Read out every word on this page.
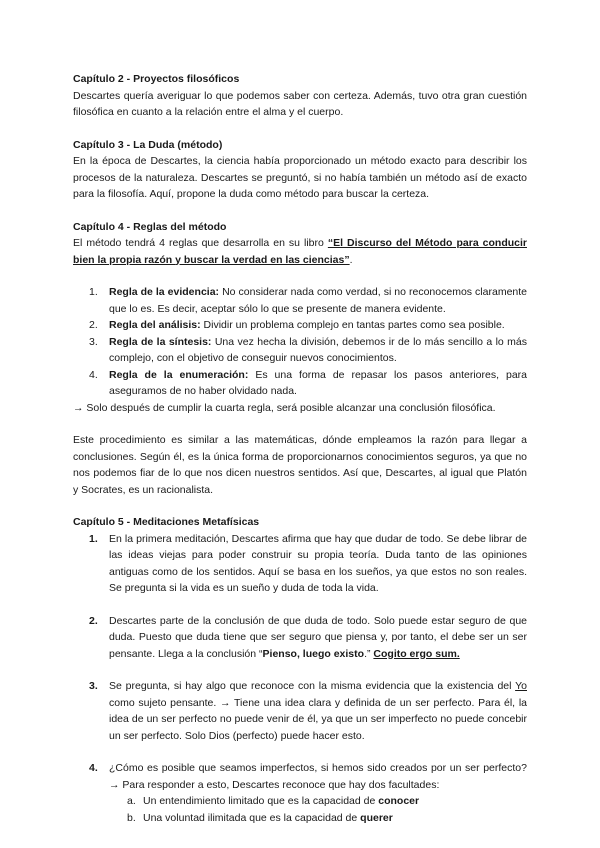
Capítulo 2 - Proyectos filosóficos

Descartes quería averiguar lo que podemos saber con certeza. Además, tuvo otra gran cuestión filosófica en cuanto a la relación entre el alma y el cuerpo.

Capítulo 3 - La Duda (método)

En la época de Descartes, la ciencia había proporcionado un método exacto para describir los procesos de la naturaleza. Descartes se preguntó, si no había también un método así de exacto para la filosofía. Aquí, propone la duda como método para buscar la certeza.

Capítulo 4 - Reglas del método

El método tendrá 4 reglas que desarrolla en su libro “El Discurso del Método para conducir bien la propia razón y buscar la verdad en las ciencias”.

1. Regla de la evidencia: No considerar nada como verdad, si no reconocemos claramente que lo es. Es decir, aceptar sólo lo que se presente de manera evidente.
2. Regla del análisis: Dividir un problema complejo en tantas partes como sea posible.
3. Regla de la síntesis: Una vez hecha la división, debemos ir de lo más sencillo a lo más complejo, con el objetivo de conseguir nuevos conocimientos.
4. Regla de la enumeración: Es una forma de repasar los pasos anteriores, para aseguramos de no haber olvidado nada.

→ Solo después de cumplir la cuarta regla, será posible alcanzar una conclusión filosófica.

Este procedimiento es similar a las matemáticas, dónde empleamos la razón para llegar a conclusiones. Según él, es la única forma de proporcionarnos conocimientos seguros, ya que no nos podemos fiar de lo que nos dicen nuestros sentidos. Así que, Descartes, al igual que Platón y Socrates, es un racionalista.

Capítulo 5 - Meditaciones Metafísicas

1. En la primera meditación, Descartes afirma que hay que dudar de todo. Se debe librar de las ideas viejas para poder construir su propia teoría. Duda tanto de las opiniones antiguas como de los sentidos. Aquí se basa en los sueños, ya que estos no son reales. Se pregunta si la vida es un sueño y duda de toda la vida.
2. Descartes parte de la conclusión de que duda de todo. Solo puede estar seguro de que duda. Puesto que duda tiene que ser seguro que piensa y, por tanto, el debe ser un ser pensante. Llega a la conclusión “Pienso, luego existo.” Cogito ergo sum.
3. Se pregunta, si hay algo que reconoce con la misma evidencia que la existencia del Yo como sujeto pensante. → Tiene una idea clara y definida de un ser perfecto. Para él, la idea de un ser perfecto no puede venir de él, ya que un ser imperfecto no puede concebir un ser perfecto. Solo Dios (perfecto) puede hacer esto.
4. ¿Cómo es posible que seamos imperfectos, si hemos sido creados por un ser perfecto? → Para responder a esto, Descartes reconoce que hay dos facultades:
a. Un entendimiento limitado que es la capacidad de conocer
b. Una voluntad ilimitada que es la capacidad de querer
